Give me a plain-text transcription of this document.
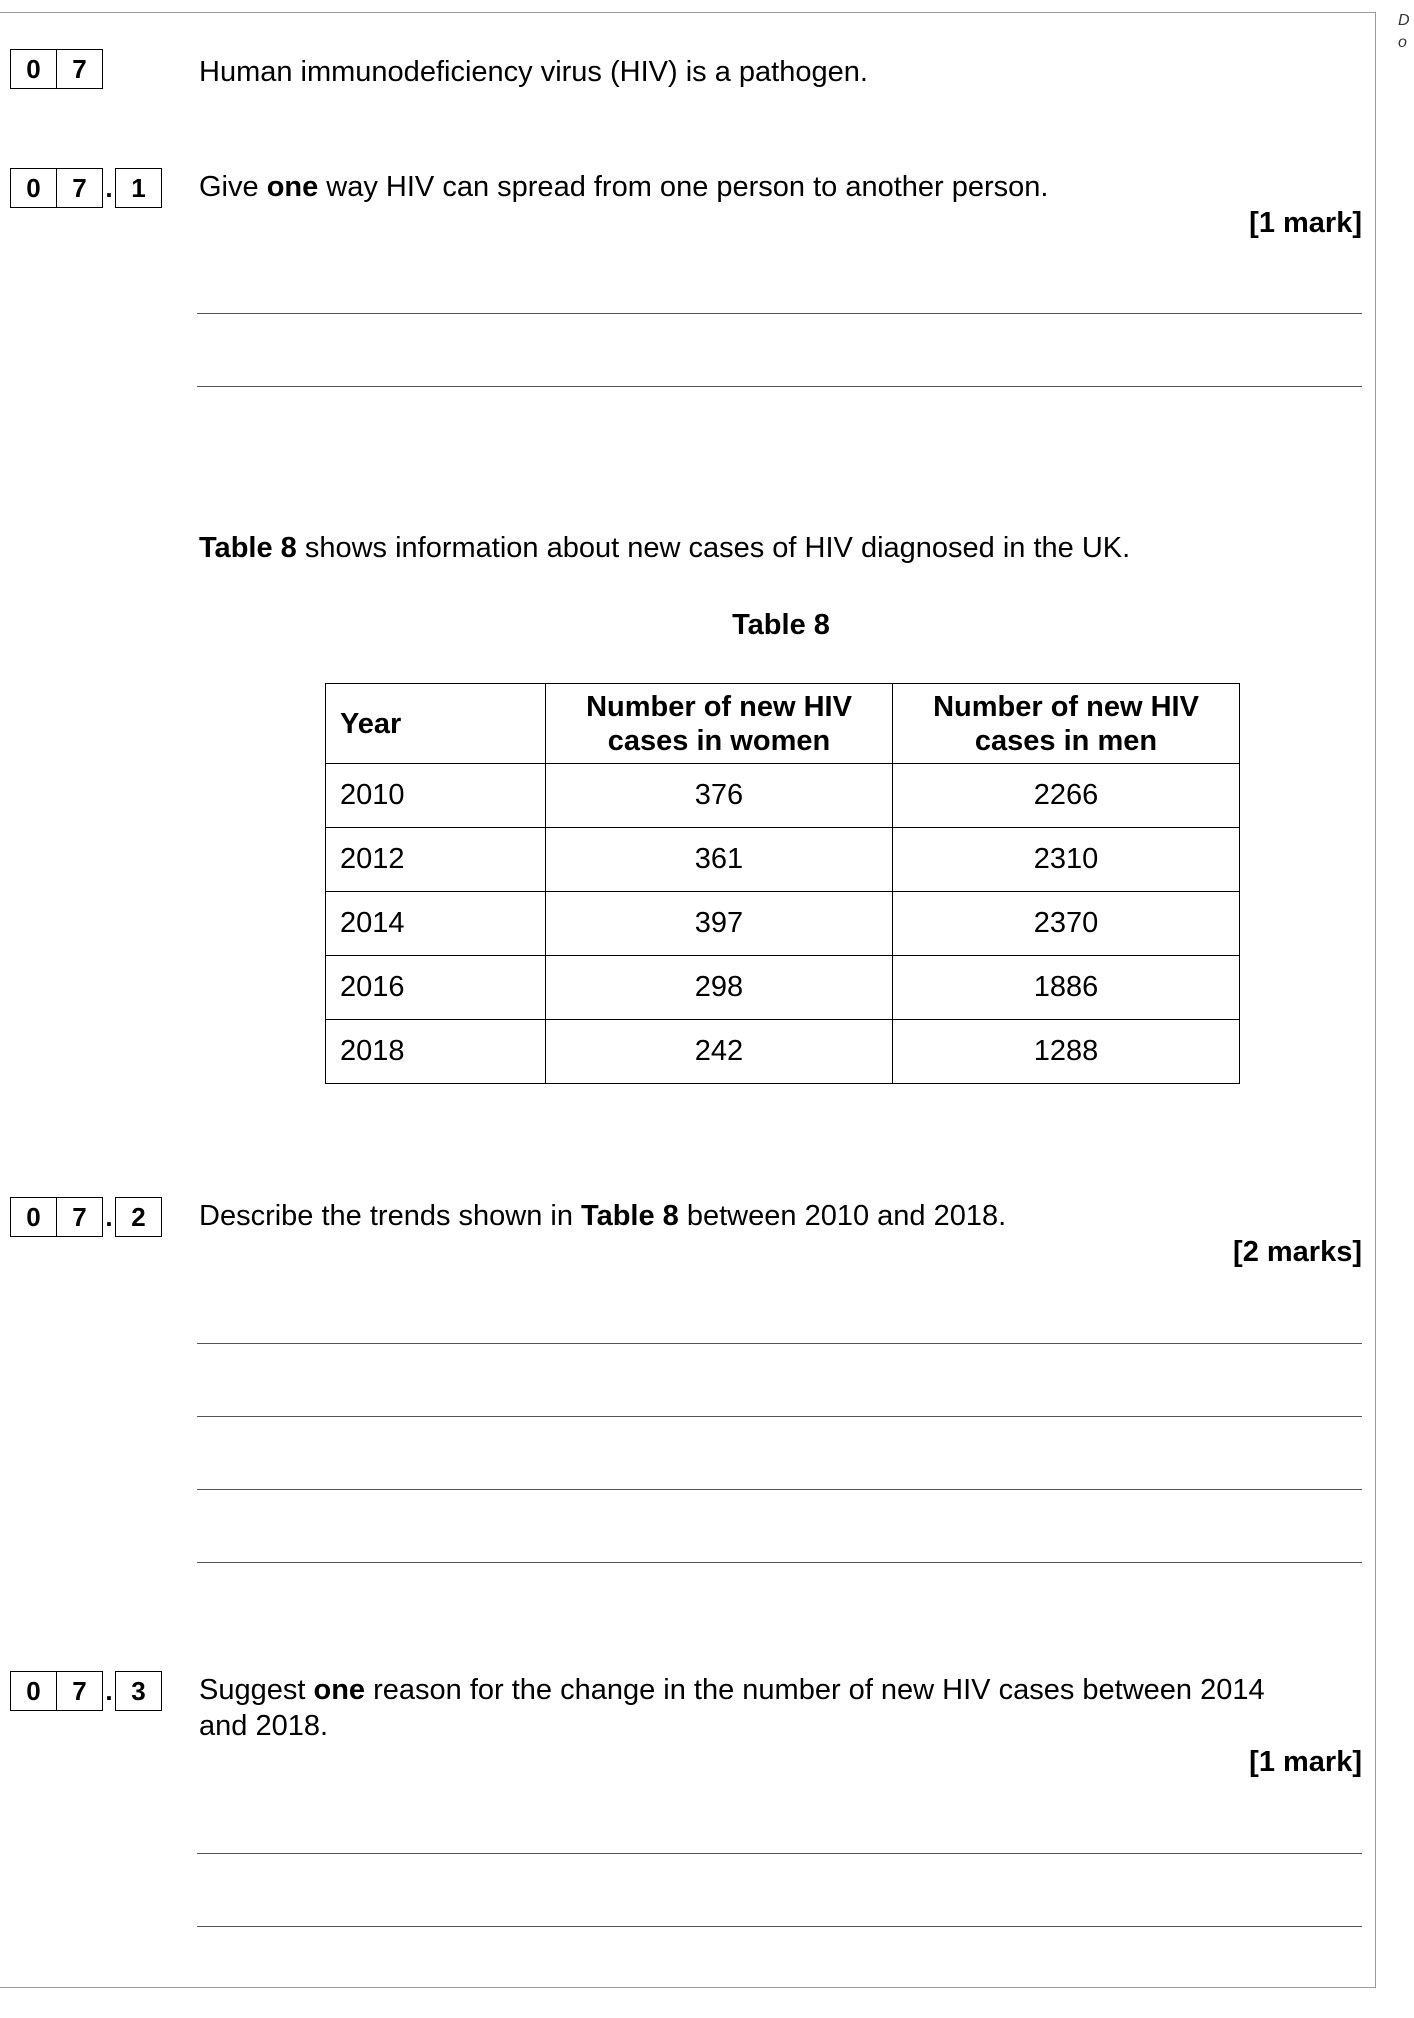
D
o
0	7	Human immunodeficiency virus (HIV) is a pathogen.
0	7 . 1	Give one way HIV can spread from one person to another person.
[1 mark]
Table 8 shows information about new cases of HIV diagnosed in the UK.
Table 8
Year	Number of new HIV cases in women	Number of new HIV cases in men

2010	376	2266
2012	361	2310
2014	397	2370
2016	298	1886
2018	242	1288
0	7 . 2	Describe the trends shown in Table 8 between 2010 and 2018.
[2 marks]
0	7 . 3	Suggest one reason for the change in the number of new HIV cases between 2014 and 2018.
[1 mark]
